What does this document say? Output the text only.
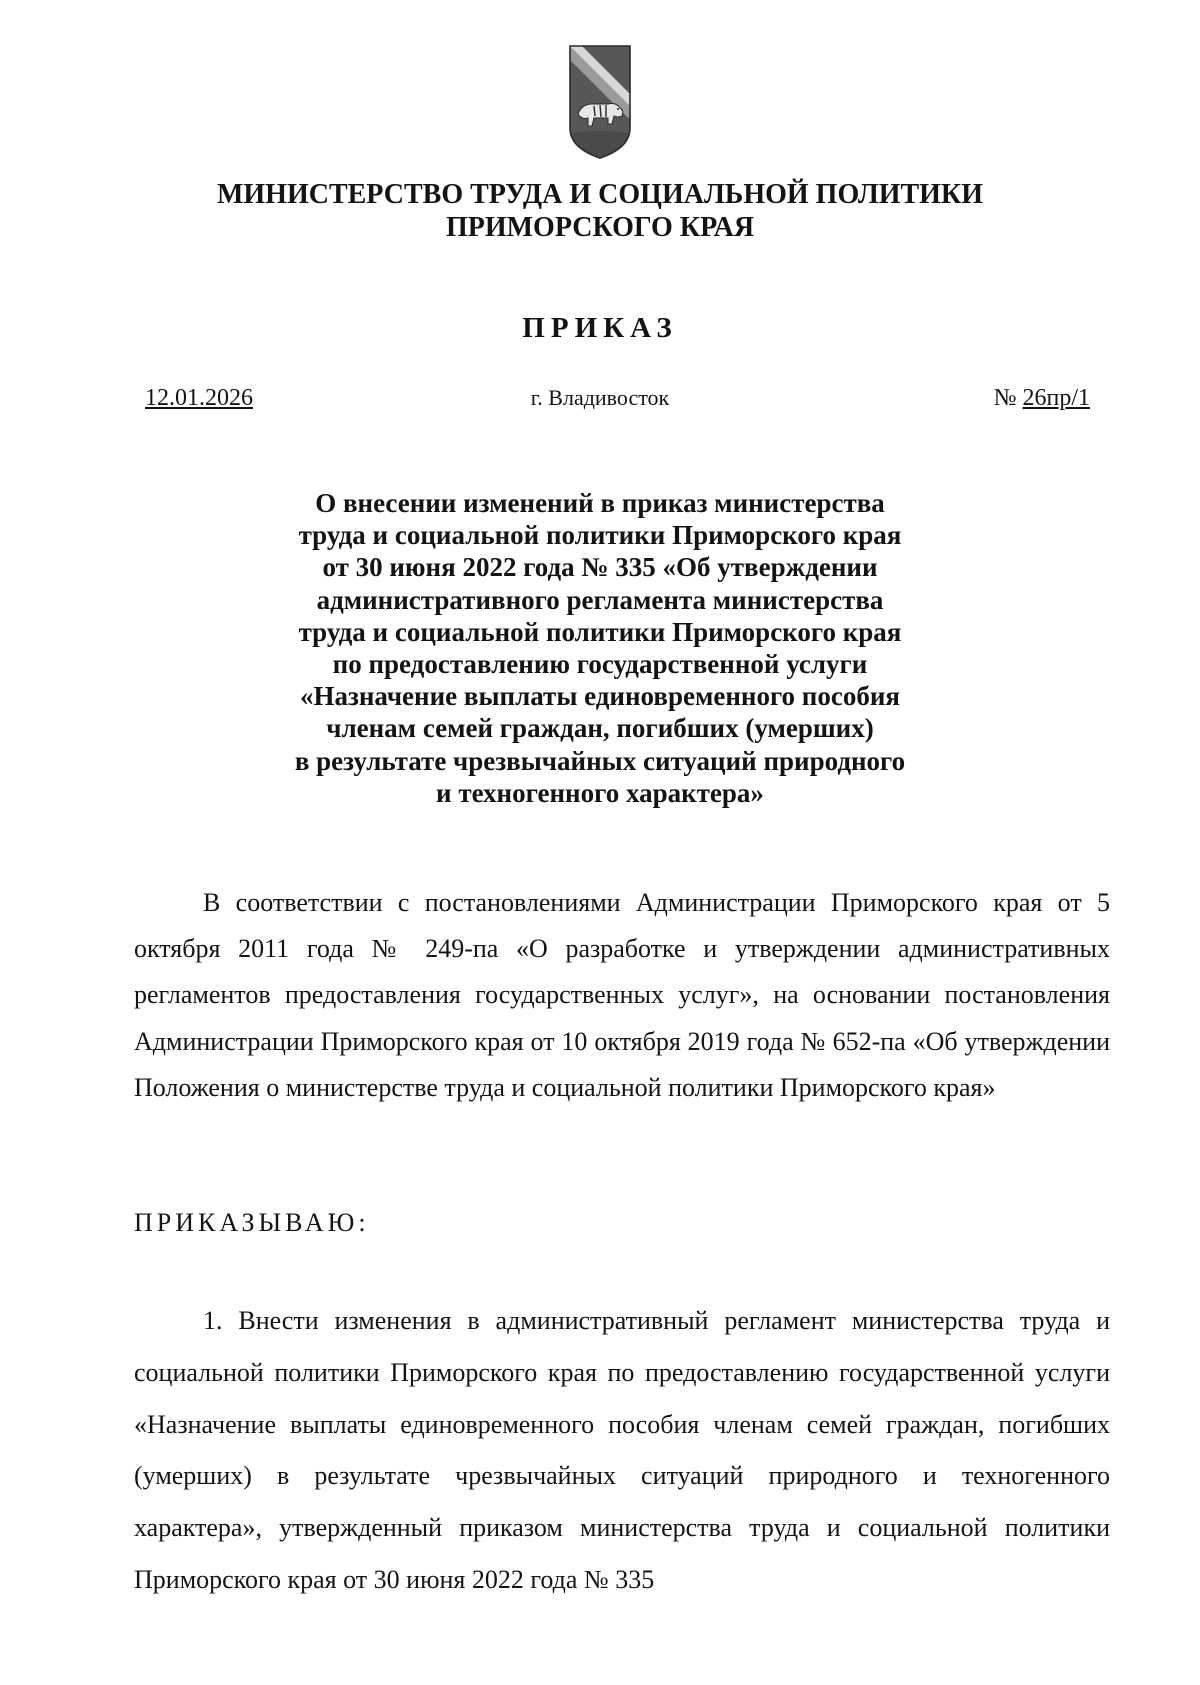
МИНИСТЕРСТВО ТРУДА И СОЦИАЛЬНОЙ ПОЛИТИКИ
ПРИМОРСКОГО КРАЯ
ПРИКАЗ
12.01.2026	г. Владивосток	№ 26пр/1
О внесении изменений в приказ министерства
труда и социальной политики Приморского края
от 30 июня 2022 года № 335 «Об утверждении
административного регламента министерства
труда и социальной политики Приморского края
по предоставлению государственной услуги
«Назначение выплаты единовременного пособия
членам семей граждан, погибших (умерших)
в результате чрезвычайных ситуаций природного
и техногенного характера»

В соответствии с постановлениями Администрации Приморского края от 5 октября 2011 года № 249-па «О разработке и утверждении административных регламентов предоставления государственных услуг», на основании постановления Администрации Приморского края от 10 октября 2019 года № 652-па «Об утверждении Положения о министерстве труда и социальной политики Приморского края»

ПРИКАЗЫВАЮ:

1. Внести изменения в административный регламент министерства труда и социальной политики Приморского края по предоставлению государственной услуги «Назначение выплаты единовременного пособия членам семей граждан, погибших (умерших) в результате чрезвычайных ситуаций природного и техногенного характера», утвержденный приказом министерства труда и социальной политики Приморского края от 30 июня 2022 года № 335
